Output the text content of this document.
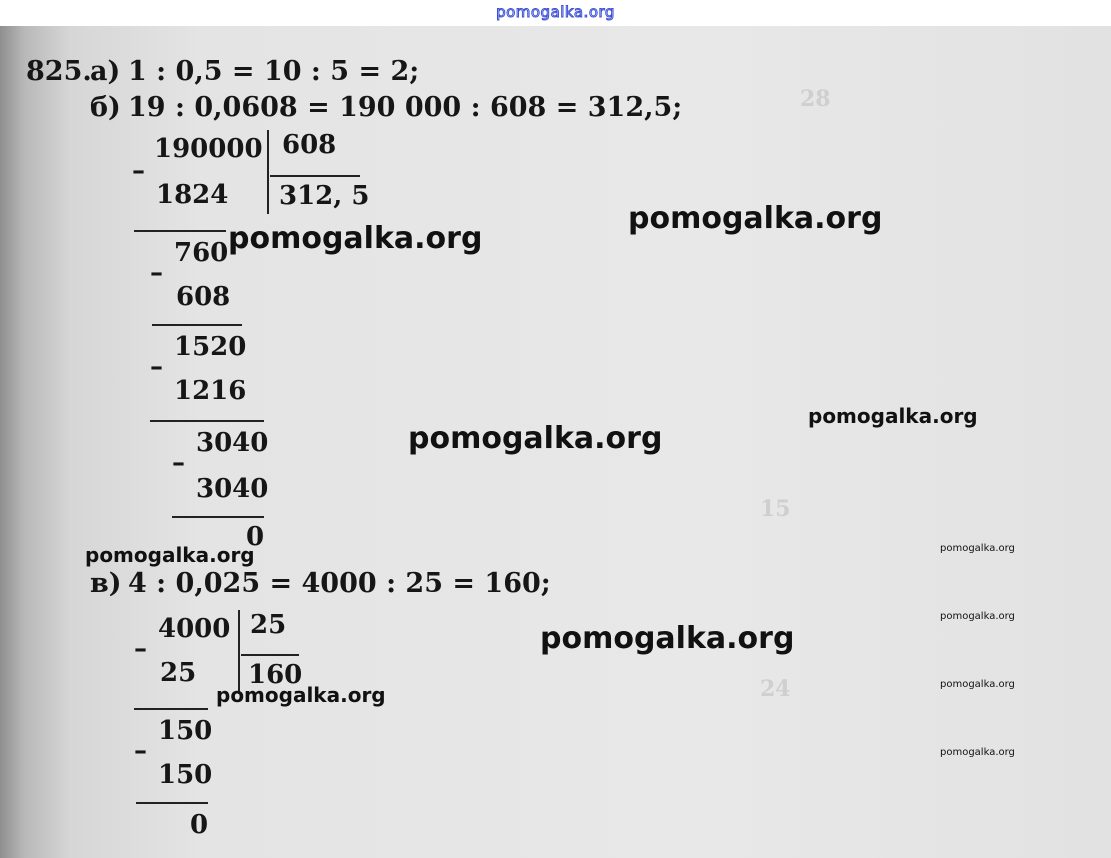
pomogalka.org
28
15
24
825.
а) 1 : 0,5 = 10 : 5 = 2;
б) 19 : 0,0608 = 190 000 : 608 = 312,5;
190000 608
312, 5
–
1824
760
–
608
1520
–
1216
3040
–
3040
0
в) 4 : 0,025 = 4000 : 25 = 160;
4000 25
160
–
25
150
–
150
0
pomogalka.org
pomogalka.org
pomogalka.org
pomogalka.org
pomogalka.org	pomogalka.org
pomogalka.org
pomogalka.org
pomogalka.org
pomogalka.org
pomogalka.org
